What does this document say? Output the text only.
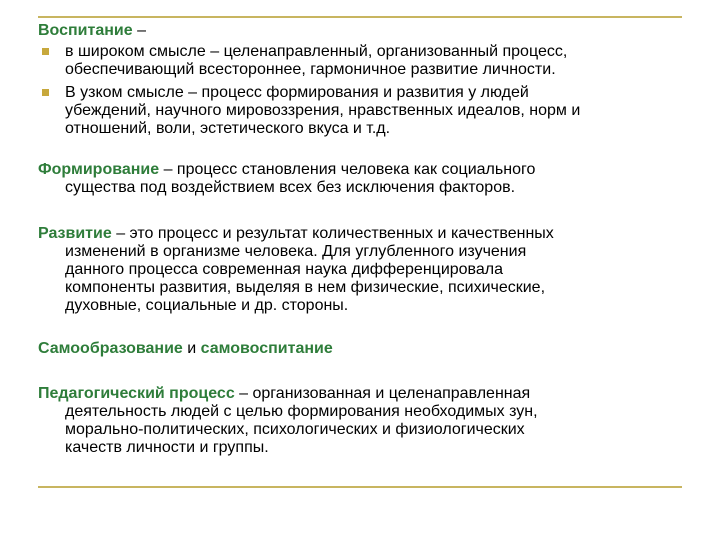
Воспитание –

в широком смысле – целенаправленный, организованный процесс,
обеспечивающий всестороннее, гармоничное развитие личности.
В узком смысле – процесс формирования и развития у людей
убеждений, научного мировоззрения, нравственных идеалов, норм и
отношений, воли, эстетического вкуса и т.д.

Формирование – процесс становления человека как социального
существа под воздействием всех без исключения факторов.

Развитие – это процесс и результат количественных и качественных
изменений в организме человека. Для углубленного изучения
данного процесса современная наука дифференцировала
компоненты развития, выделяя в нем физические, психические,
духовные, социальные и др. стороны.

Самообразование и самовоспитание

Педагогический процесс – организованная и целенаправленная
деятельность людей с целью формирования необходимых зун,
морально-политических, психологических и физиологических
качеств личности и группы.
